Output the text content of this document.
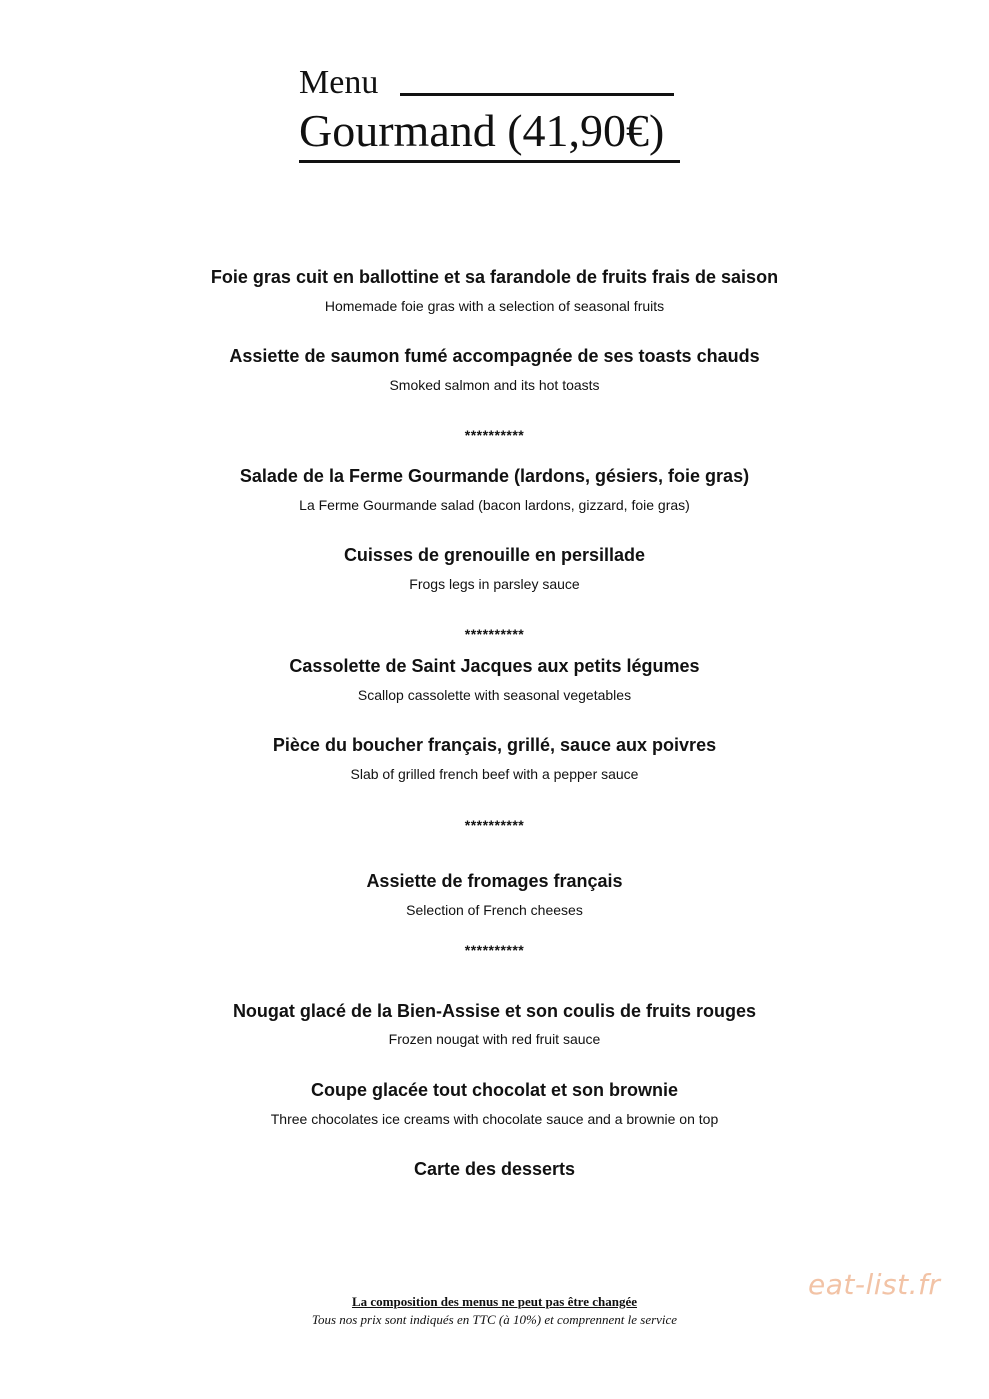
Menu
Gourmand (41,90€)
Foie gras cuit en ballottine et sa farandole de fruits frais de saison
Homemade foie gras with a selection of seasonal fruits
Assiette de saumon fumé accompagnée de ses toasts chauds
Smoked salmon and its hot toasts
**********
Salade de la Ferme Gourmande (lardons, gésiers, foie gras)
La Ferme Gourmande salad (bacon lardons, gizzard, foie gras)
Cuisses de grenouille en persillade
Frogs legs in parsley sauce
**********
Cassolette de Saint Jacques aux petits légumes
Scallop cassolette with seasonal vegetables
Pièce du boucher français, grillé, sauce aux poivres
Slab of grilled french beef with a pepper sauce
**********
Assiette de fromages français
Selection of French cheeses
**********
Nougat glacé de la Bien-Assise et son coulis de fruits rouges
Frozen nougat with red fruit sauce
Coupe glacée tout chocolat et son brownie
Three chocolates ice creams with chocolate sauce and a brownie on top
Carte des desserts
La composition des menus ne peut pas être changée
Tous nos prix sont indiqués en TTC (à 10%) et comprennent le service
eat-list.fr
